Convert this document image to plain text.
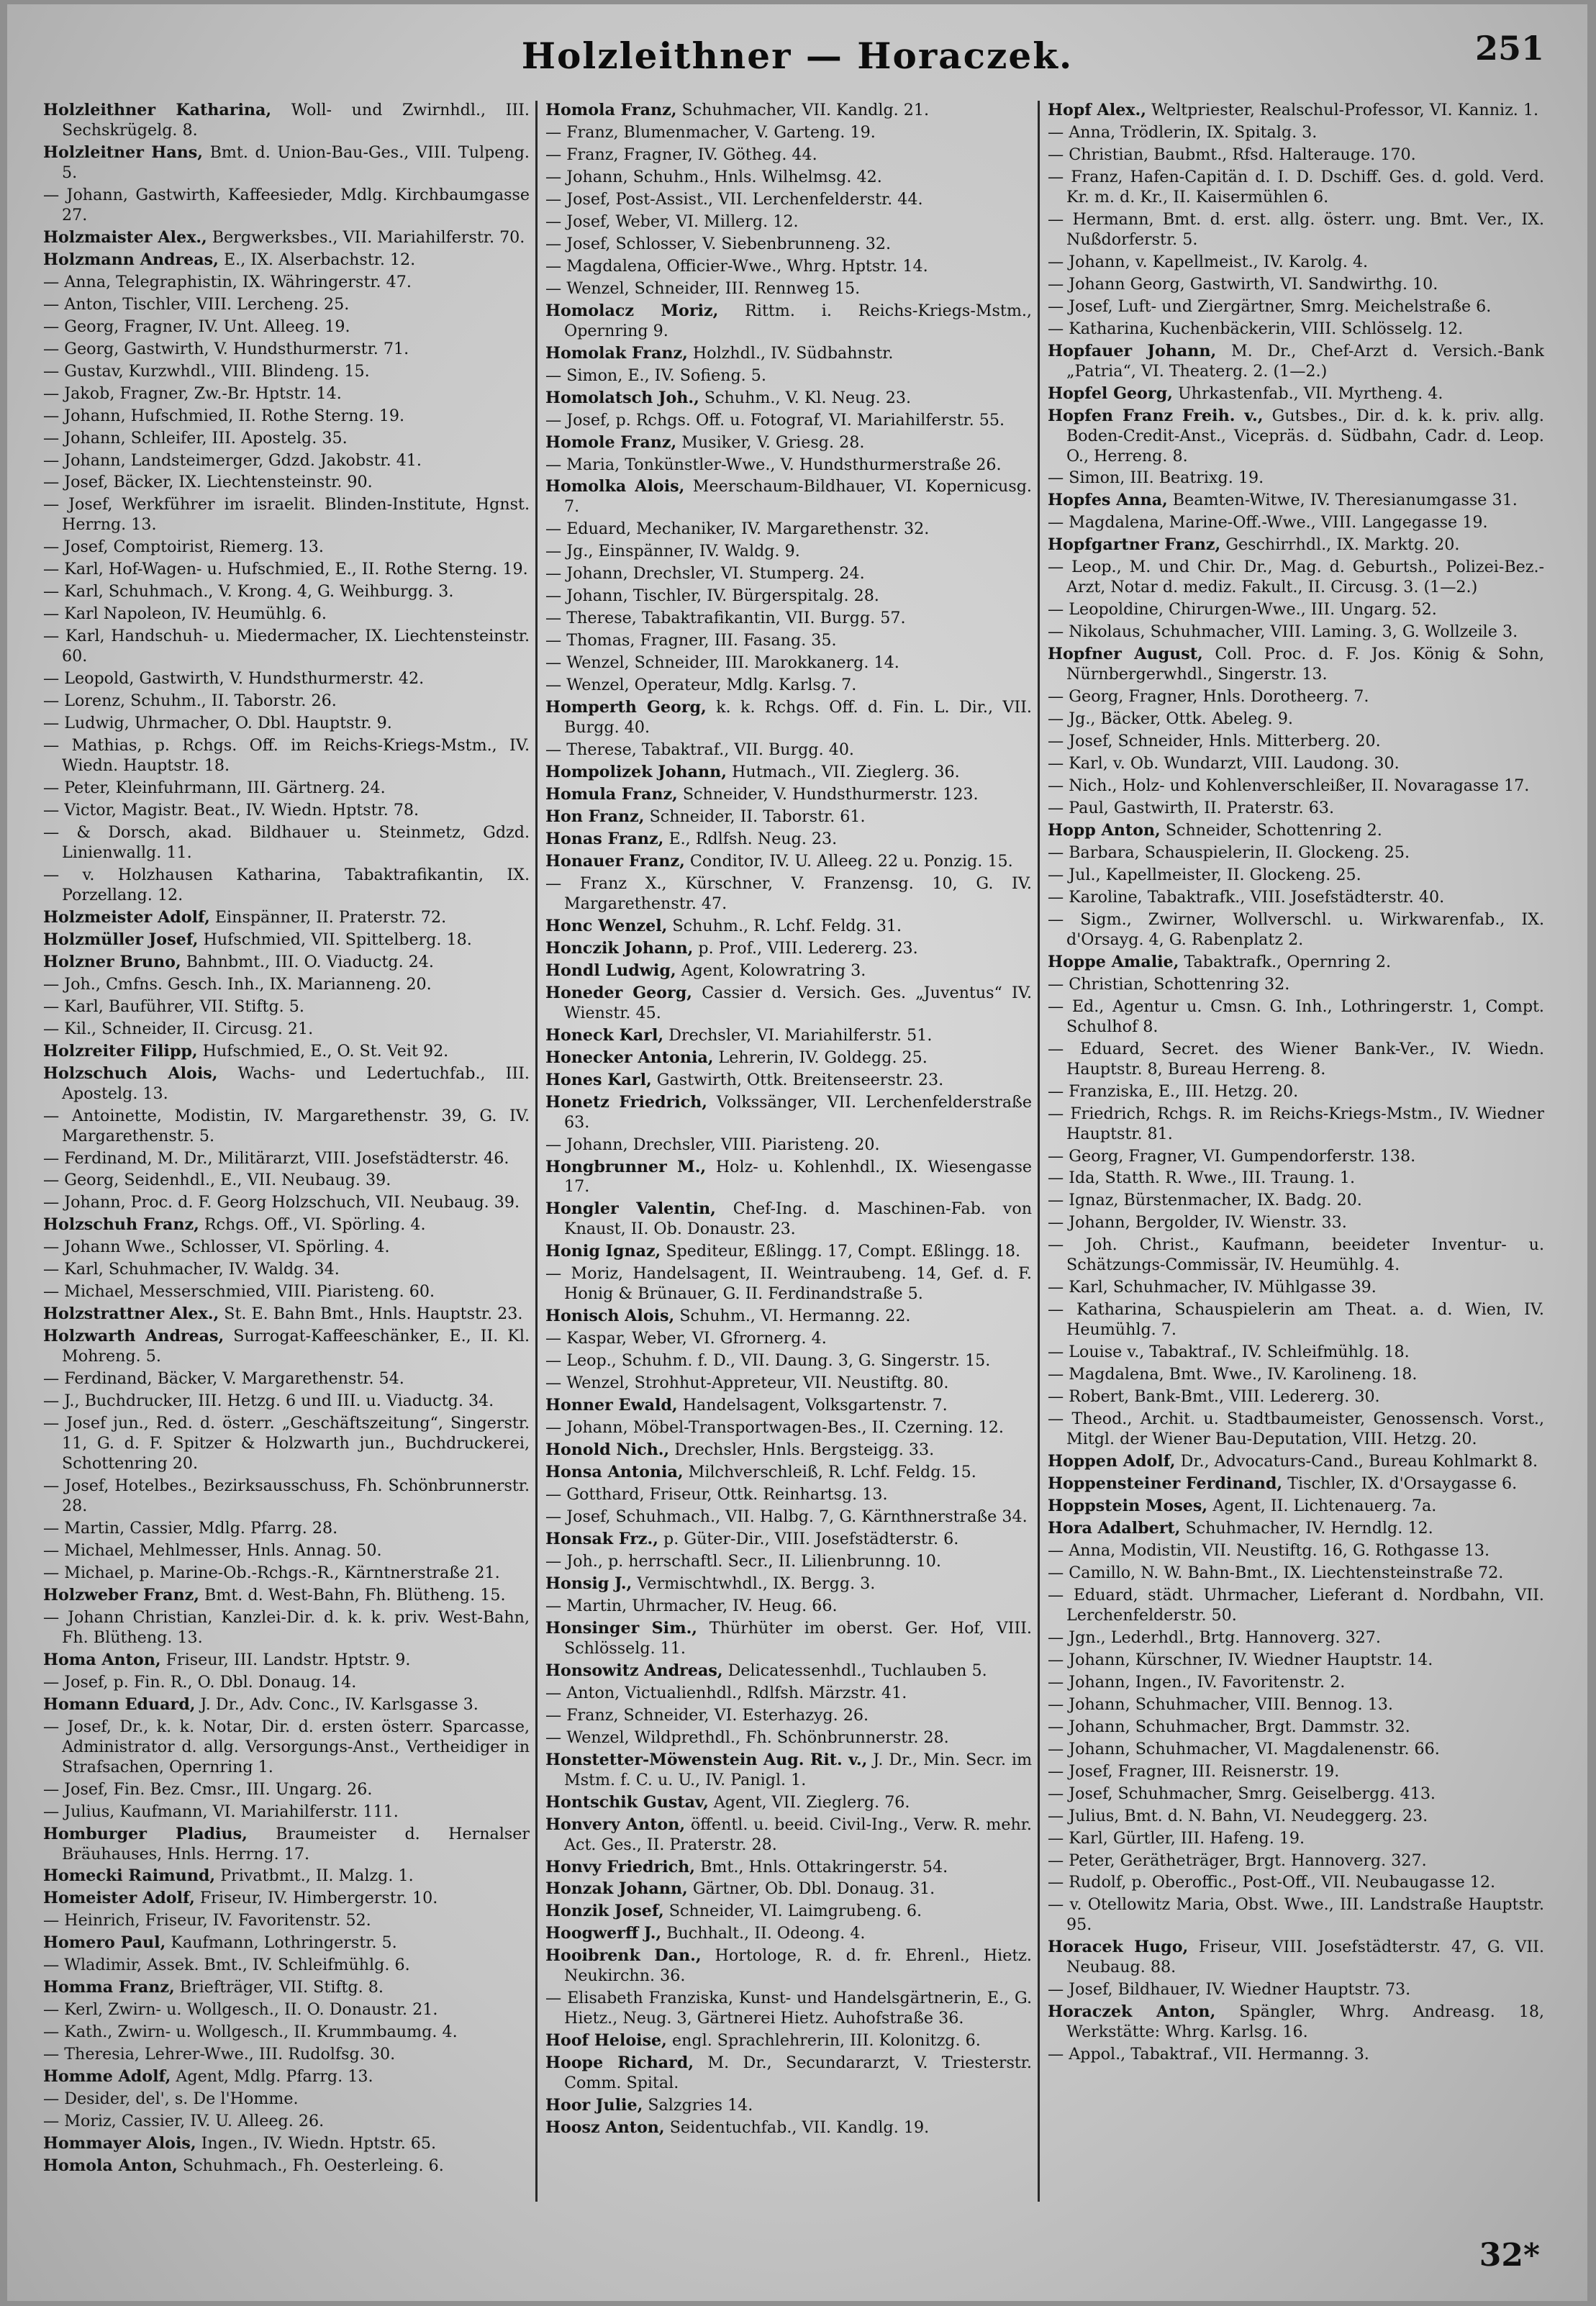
Holzleithner — Horaczek.	251

Holzleithner Katharina, Woll- und Zwirnhdl., III. Sechskrügelg. 8.

Holzleitner Hans, Bmt. d. Union-Bau-Ges., VIII. Tulpeng. 5.

— Johann, Gastwirth, Kaffeesieder, Mdlg. Kirchbaumgasse 27.

Holzmaister Alex., Bergwerksbes., VII. Mariahilferstr. 70.

Holzmann Andreas, E., IX. Alserbachstr. 12.

— Anna, Telegraphistin, IX. Währingerstr. 47.

— Anton, Tischler, VIII. Lercheng. 25.

— Georg, Fragner, IV. Unt. Alleeg. 19.

— Georg, Gastwirth, V. Hundsthurmerstr. 71.

— Gustav, Kurzwhdl., VIII. Blindeng. 15.

— Jakob, Fragner, Zw.-Br. Hptstr. 14.

— Johann, Hufschmied, II. Rothe Sterng. 19.

— Johann, Schleifer, III. Apostelg. 35.

— Johann, Landsteimerger, Gdzd. Jakobstr. 41.

— Josef, Bäcker, IX. Liechtensteinstr. 90.

— Josef, Werkführer im israelit. Blinden-Institute, Hgnst. Herrng. 13.

— Josef, Comptoirist, Riemerg. 13.

— Karl, Hof-Wagen- u. Hufschmied, E., II. Rothe Sterng. 19.

— Karl, Schuhmach., V. Krong. 4, G. Weihburgg. 3.

— Karl Napoleon, IV. Heumühlg. 6.

— Karl, Handschuh- u. Miedermacher, IX. Liechtensteinstr. 60.

— Leopold, Gastwirth, V. Hundsthurmerstr. 42.

— Lorenz, Schuhm., II. Taborstr. 26.

— Ludwig, Uhrmacher, O. Dbl. Hauptstr. 9.

— Mathias, p. Rchgs. Off. im Reichs-Kriegs-Mstm., IV. Wiedn. Hauptstr. 18.

— Peter, Kleinfuhrmann, III. Gärtnerg. 24.

— Victor, Magistr. Beat., IV. Wiedn. Hptstr. 78.

— & Dorsch, akad. Bildhauer u. Steinmetz, Gdzd. Linienwallg. 11.

— v. Holzhausen Katharina, Tabaktrafikantin, IX. Porzellang. 12.

Holzmeister Adolf, Einspänner, II. Praterstr. 72.

Holzmüller Josef, Hufschmied, VII. Spittelberg. 18.

Holzner Bruno, Bahnbmt., III. O. Viaductg. 24.

— Joh., Cmfns. Gesch. Inh., IX. Marianneng. 20.

— Karl, Bauführer, VII. Stiftg. 5.

— Kil., Schneider, II. Circusg. 21.

Holzreiter Filipp, Hufschmied, E., O. St. Veit 92.

Holzschuch Alois, Wachs- und Ledertuchfab., III. Apostelg. 13.

— Antoinette, Modistin, IV. Margarethenstr. 39, G. IV. Margarethenstr. 5.

— Ferdinand, M. Dr., Militärarzt, VIII. Josefstädterstr. 46.

— Georg, Seidenhdl., E., VII. Neubaug. 39.

— Johann, Proc. d. F. Georg Holzschuch, VII. Neubaug. 39.

Holzschuh Franz, Rchgs. Off., VI. Spörling. 4.

— Johann Wwe., Schlosser, VI. Spörling. 4.

— Karl, Schuhmacher, IV. Waldg. 34.

— Michael, Messerschmied, VIII. Piaristeng. 60.

Holzstrattner Alex., St. E. Bahn Bmt., Hnls. Hauptstr. 23.

Holzwarth Andreas, Surrogat-Kaffeeschänker, E., II. Kl. Mohreng. 5.

— Ferdinand, Bäcker, V. Margarethenstr. 54.

— J., Buchdrucker, III. Hetzg. 6 und III. u. Viaductg. 34.

— Josef jun., Red. d. österr. „Geschäftszeitung“, Singerstr. 11, G. d. F. Spitzer & Holzwarth jun., Buchdruckerei, Schottenring 20.

— Josef, Hotelbes., Bezirksausschuss, Fh. Schönbrunnerstr. 28.

— Martin, Cassier, Mdlg. Pfarrg. 28.

— Michael, Mehlmesser, Hnls. Annag. 50.

— Michael, p. Marine-Ob.-Rchgs.-R., Kärntnerstraße 21.

Holzweber Franz, Bmt. d. West-Bahn, Fh. Blütheng. 15.

— Johann Christian, Kanzlei-Dir. d. k. k. priv. West-Bahn, Fh. Blütheng. 13.

Homa Anton, Friseur, III. Landstr. Hptstr. 9.

— Josef, p. Fin. R., O. Dbl. Donaug. 14.

Homann Eduard, J. Dr., Adv. Conc., IV. Karlsgasse 3.

— Josef, Dr., k. k. Notar, Dir. d. ersten österr. Sparcasse, Administrator d. allg. Versorgungs-Anst., Vertheidiger in Strafsachen, Opernring 1.

— Josef, Fin. Bez. Cmsr., III. Ungarg. 26.

— Julius, Kaufmann, VI. Mariahilferstr. 111.

Homburger Pladius, Braumeister d. Hernalser Bräuhauses, Hnls. Herrng. 17.

Homecki Raimund, Privatbmt., II. Malzg. 1.

Homeister Adolf, Friseur, IV. Himbergerstr. 10.

— Heinrich, Friseur, IV. Favoritenstr. 52.

Homero Paul, Kaufmann, Lothringerstr. 5.

— Wladimir, Assek. Bmt., IV. Schleifmühlg. 6.

Homma Franz, Briefträger, VII. Stiftg. 8.

— Kerl, Zwirn- u. Wollgesch., II. O. Donaustr. 21.

— Kath., Zwirn- u. Wollgesch., II. Krummbaumg. 4.

— Theresia, Lehrer-Wwe., III. Rudolfsg. 30.

Homme Adolf, Agent, Mdlg. Pfarrg. 13.

— Desider, del', s. De l'Homme.

— Moriz, Cassier, IV. U. Alleeg. 26.

Hommayer Alois, Ingen., IV. Wiedn. Hptstr. 65.

Homola Anton, Schuhmach., Fh. Oesterleing. 6.

Homola Franz, Schuhmacher, VII. Kandlg. 21.

— Franz, Blumenmacher, V. Garteng. 19.

— Franz, Fragner, IV. Götheg. 44.

— Johann, Schuhm., Hnls. Wilhelmsg. 42.

— Josef, Post-Assist., VII. Lerchenfelderstr. 44.

— Josef, Weber, VI. Millerg. 12.

— Josef, Schlosser, V. Siebenbrunneng. 32.

— Magdalena, Officier-Wwe., Whrg. Hptstr. 14.

— Wenzel, Schneider, III. Rennweg 15.

Homolacz Moriz, Rittm. i. Reichs-Kriegs-Mstm., Opernring 9.

Homolak Franz, Holzhdl., IV. Südbahnstr.

— Simon, E., IV. Sofieng. 5.

Homolatsch Joh., Schuhm., V. Kl. Neug. 23.

— Josef, p. Rchgs. Off. u. Fotograf, VI. Mariahilferstr. 55.

Homole Franz, Musiker, V. Griesg. 28.

— Maria, Tonkünstler-Wwe., V. Hundsthurmerstraße 26.

Homolka Alois, Meerschaum-Bildhauer, VI. Kopernicusg. 7.

— Eduard, Mechaniker, IV. Margarethenstr. 32.

— Jg., Einspänner, IV. Waldg. 9.

— Johann, Drechsler, VI. Stumperg. 24.

— Johann, Tischler, IV. Bürgerspitalg. 28.

— Therese, Tabaktrafikantin, VII. Burgg. 57.

— Thomas, Fragner, III. Fasang. 35.

— Wenzel, Schneider, III. Marokkanerg. 14.

— Wenzel, Operateur, Mdlg. Karlsg. 7.

Homperth Georg, k. k. Rchgs. Off. d. Fin. L. Dir., VII. Burgg. 40.

— Therese, Tabaktraf., VII. Burgg. 40.

Hompolizek Johann, Hutmach., VII. Zieglerg. 36.

Homula Franz, Schneider, V. Hundsthurmerstr. 123.

Hon Franz, Schneider, II. Taborstr. 61.

Honas Franz, E., Rdlfsh. Neug. 23.

Honauer Franz, Conditor, IV. U. Alleeg. 22 u. Ponzig. 15.

— Franz X., Kürschner, V. Franzensg. 10, G. IV. Margarethenstr. 47.

Honc Wenzel, Schuhm., R. Lchf. Feldg. 31.

Honczik Johann, p. Prof., VIII. Ledererg. 23.

Hondl Ludwig, Agent, Kolowratring 3.

Honeder Georg, Cassier d. Versich. Ges. „Juventus“ IV. Wienstr. 45.

Honeck Karl, Drechsler, VI. Mariahilferstr. 51.

Honecker Antonia, Lehrerin, IV. Goldegg. 25.

Hones Karl, Gastwirth, Ottk. Breitenseerstr. 23.

Honetz Friedrich, Volkssänger, VII. Lerchenfelderstraße 63.

— Johann, Drechsler, VIII. Piaristeng. 20.

Hongbrunner M., Holz- u. Kohlenhdl., IX. Wiesengasse 17.

Hongler Valentin, Chef-Ing. d. Maschinen-Fab. von Knaust, II. Ob. Donaustr. 23.

Honig Ignaz, Spediteur, Eßlingg. 17, Compt. Eßlingg. 18.

— Moriz, Handelsagent, II. Weintraubeng. 14, Gef. d. F. Honig & Brünauer, G. II. Ferdinandstraße 5.

Honisch Alois, Schuhm., VI. Hermanng. 22.

— Kaspar, Weber, VI. Gfrornerg. 4.

— Leop., Schuhm. f. D., VII. Daung. 3, G. Singerstr. 15.

— Wenzel, Strohhut-Appreteur, VII. Neustiftg. 80.

Honner Ewald, Handelsagent, Volksgartenstr. 7.

— Johann, Möbel-Transportwagen-Bes., II. Czerning. 12.

Honold Nich., Drechsler, Hnls. Bergsteigg. 33.

Honsa Antonia, Milchverschleiß, R. Lchf. Feldg. 15.

— Gotthard, Friseur, Ottk. Reinhartsg. 13.

— Josef, Schuhmach., VII. Halbg. 7, G. Kärnthnerstraße 34.

Honsak Frz., p. Güter-Dir., VIII. Josefstädterstr. 6.

— Joh., p. herrschaftl. Secr., II. Lilienbrunng. 10.

Honsig J., Vermischtwhdl., IX. Bergg. 3.

— Martin, Uhrmacher, IV. Heug. 66.

Honsinger Sim., Thürhüter im oberst. Ger. Hof, VIII. Schlösselg. 11.

Honsowitz Andreas, Delicatessenhdl., Tuchlauben 5.

— Anton, Victualienhdl., Rdlfsh. Märzstr. 41.

— Franz, Schneider, VI. Esterhazyg. 26.

— Wenzel, Wildprethdl., Fh. Schönbrunnerstr. 28.

Honstetter-Möwenstein Aug. Rit. v., J. Dr., Min. Secr. im Mstm. f. C. u. U., IV. Panigl. 1.

Hontschik Gustav, Agent, VII. Zieglerg. 76.

Honvery Anton, öffentl. u. beeid. Civil-Ing., Verw. R. mehr. Act. Ges., II. Praterstr. 28.

Honvy Friedrich, Bmt., Hnls. Ottakringerstr. 54.

Honzak Johann, Gärtner, Ob. Dbl. Donaug. 31.

Honzik Josef, Schneider, VI. Laimgrubeng. 6.

Hoogwerff J., Buchhalt., II. Odeong. 4.

Hooibrenk Dan., Hortologe, R. d. fr. Ehrenl., Hietz. Neukirchn. 36.

— Elisabeth Franziska, Kunst- und Handelsgärtnerin, E., G. Hietz., Neug. 3, Gärtnerei Hietz. Auhofstraße 36.

Hoof Heloise, engl. Sprachlehrerin, III. Kolonitzg. 6.

Hoope Richard, M. Dr., Secundararzt, V. Triesterstr. Comm. Spital.

Hoor Julie, Salzgries 14.

Hoosz Anton, Seidentuchfab., VII. Kandlg. 19.

Hopf Alex., Weltpriester, Realschul-Professor, VI. Kanniz. 1.

— Anna, Trödlerin, IX. Spitalg. 3.

— Christian, Baubmt., Rfsd. Halterauge. 170.

— Franz, Hafen-Capitän d. I. D. Dschiff. Ges. d. gold. Verd. Kr. m. d. Kr., II. Kaisermühlen 6.

— Hermann, Bmt. d. erst. allg. österr. ung. Bmt. Ver., IX. Nußdorferstr. 5.

— Johann, v. Kapellmeist., IV. Karolg. 4.

— Johann Georg, Gastwirth, VI. Sandwirthg. 10.

— Josef, Luft- und Ziergärtner, Smrg. Meichelstraße 6.

— Katharina, Kuchenbäckerin, VIII. Schlösselg. 12.

Hopfauer Johann, M. Dr., Chef-Arzt d. Versich.-Bank „Patria“, VI. Theaterg. 2. (1—2.)

Hopfel Georg, Uhrkastenfab., VII. Myrtheng. 4.

Hopfen Franz Freih. v., Gutsbes., Dir. d. k. k. priv. allg. Boden-Credit-Anst., Vicepräs. d. Südbahn, Cadr. d. Leop. O., Herreng. 8.

— Simon, III. Beatrixg. 19.

Hopfes Anna, Beamten-Witwe, IV. Theresianumgasse 31.

— Magdalena, Marine-Off.-Wwe., VIII. Langegasse 19.

Hopfgartner Franz, Geschirrhdl., IX. Marktg. 20.

— Leop., M. und Chir. Dr., Mag. d. Geburtsh., Polizei-Bez.-Arzt, Notar d. mediz. Fakult., II. Circusg. 3. (1—2.)

— Leopoldine, Chirurgen-Wwe., III. Ungarg. 52.

— Nikolaus, Schuhmacher, VIII. Laming. 3, G. Wollzeile 3.

Hopfner August, Coll. Proc. d. F. Jos. König & Sohn, Nürnbergerwhdl., Singerstr. 13.

— Georg, Fragner, Hnls. Dorotheerg. 7.

— Jg., Bäcker, Ottk. Abeleg. 9.

— Josef, Schneider, Hnls. Mitterberg. 20.

— Karl, v. Ob. Wundarzt, VIII. Laudong. 30.

— Nich., Holz- und Kohlenverschleißer, II. Novaragasse 17.

— Paul, Gastwirth, II. Praterstr. 63.

Hopp Anton, Schneider, Schottenring 2.

— Barbara, Schauspielerin, II. Glockeng. 25.

— Jul., Kapellmeister, II. Glockeng. 25.

— Karoline, Tabaktrafk., VIII. Josefstädterstr. 40.

— Sigm., Zwirner, Wollverschl. u. Wirkwarenfab., IX. d'Orsayg. 4, G. Rabenplatz 2.

Hoppe Amalie, Tabaktrafk., Opernring 2.

— Christian, Schottenring 32.

— Ed., Agentur u. Cmsn. G. Inh., Lothringerstr. 1, Compt. Schulhof 8.

— Eduard, Secret. des Wiener Bank-Ver., IV. Wiedn. Hauptstr. 8, Bureau Herreng. 8.

— Franziska, E., III. Hetzg. 20.

— Friedrich, Rchgs. R. im Reichs-Kriegs-Mstm., IV. Wiedner Hauptstr. 81.

— Georg, Fragner, VI. Gumpendorferstr. 138.

— Ida, Statth. R. Wwe., III. Traung. 1.

— Ignaz, Bürstenmacher, IX. Badg. 20.

— Johann, Bergolder, IV. Wienstr. 33.

— Joh. Christ., Kaufmann, beeideter Inventur- u. Schätzungs-Commissär, IV. Heumühlg. 4.

— Karl, Schuhmacher, IV. Mühlgasse 39.

— Katharina, Schauspielerin am Theat. a. d. Wien, IV. Heumühlg. 7.

— Louise v., Tabaktraf., IV. Schleifmühlg. 18.

— Magdalena, Bmt. Wwe., IV. Karolineng. 18.

— Robert, Bank-Bmt., VIII. Ledererg. 30.

— Theod., Archit. u. Stadtbaumeister, Genossensch. Vorst., Mitgl. der Wiener Bau-Deputation, VIII. Hetzg. 20.

Hoppen Adolf, Dr., Advocaturs-Cand., Bureau Kohlmarkt 8.

Hoppensteiner Ferdinand, Tischler, IX. d'Orsaygasse 6.

Hoppstein Moses, Agent, II. Lichtenauerg. 7a.

Hora Adalbert, Schuhmacher, IV. Herndlg. 12.

— Anna, Modistin, VII. Neustiftg. 16, G. Rothgasse 13.

— Camillo, N. W. Bahn-Bmt., IX. Liechtensteinstraße 72.

— Eduard, städt. Uhrmacher, Lieferant d. Nordbahn, VII. Lerchenfelderstr. 50.

— Jgn., Lederhdl., Brtg. Hannoverg. 327.

— Johann, Kürschner, IV. Wiedner Hauptstr. 14.

— Johann, Ingen., IV. Favoritenstr. 2.

— Johann, Schuhmacher, VIII. Bennog. 13.

— Johann, Schuhmacher, Brgt. Dammstr. 32.

— Johann, Schuhmacher, VI. Magdalenenstr. 66.

— Josef, Fragner, III. Reisnerstr. 19.

— Josef, Schuhmacher, Smrg. Geiselbergg. 413.

— Julius, Bmt. d. N. Bahn, VI. Neudeggerg. 23.

— Karl, Gürtler, III. Hafeng. 19.

— Peter, Gerätheträger, Brgt. Hannoverg. 327.

— Rudolf, p. Oberoffic., Post-Off., VII. Neubaugasse 12.

— v. Otellowitz Maria, Obst. Wwe., III. Landstraße Hauptstr. 95.

Horacek Hugo, Friseur, VIII. Josefstädterstr. 47, G. VII. Neubaug. 88.

— Josef, Bildhauer, IV. Wiedner Hauptstr. 73.

Horaczek Anton, Spängler, Whrg. Andreasg. 18, Werkstätte: Whrg. Karlsg. 16.

— Appol., Tabaktraf., VII. Hermanng. 3.

32*
